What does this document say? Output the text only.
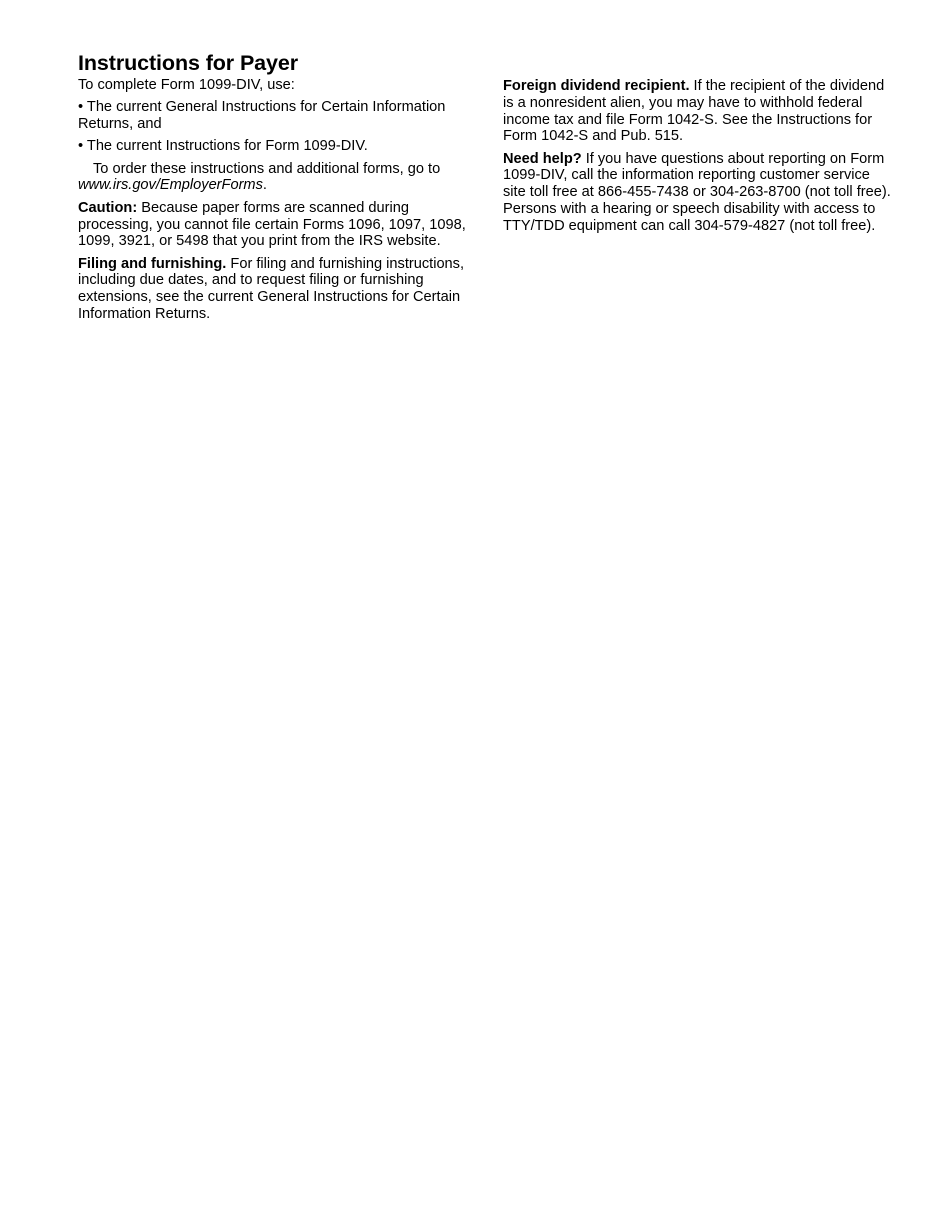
Instructions for Payer

To complete Form 1099-DIV, use:

• The current General Instructions for Certain Information Returns, and

• The current Instructions for Form 1099-DIV.

To order these instructions and additional forms, go to www.irs.gov/EmployerForms.

Caution: Because paper forms are scanned during processing, you cannot file certain Forms 1096, 1097, 1098, 1099, 3921, or 5498 that you print from the IRS website.

Filing and furnishing. For filing and furnishing instructions, including due dates, and to request filing or furnishing extensions, see the current General Instructions for Certain Information Returns.

Foreign dividend recipient. If the recipient of the dividend is a nonresident alien, you may have to withhold federal income tax and file Form 1042-S. See the Instructions for Form 1042-S and Pub. 515.

Need help? If you have questions about reporting on Form 1099-DIV, call the information reporting customer service site toll free at 866-455-7438 or 304-263-8700 (not toll free). Persons with a hearing or speech disability with access to TTY/TDD equipment can call 304-579-4827 (not toll free).
